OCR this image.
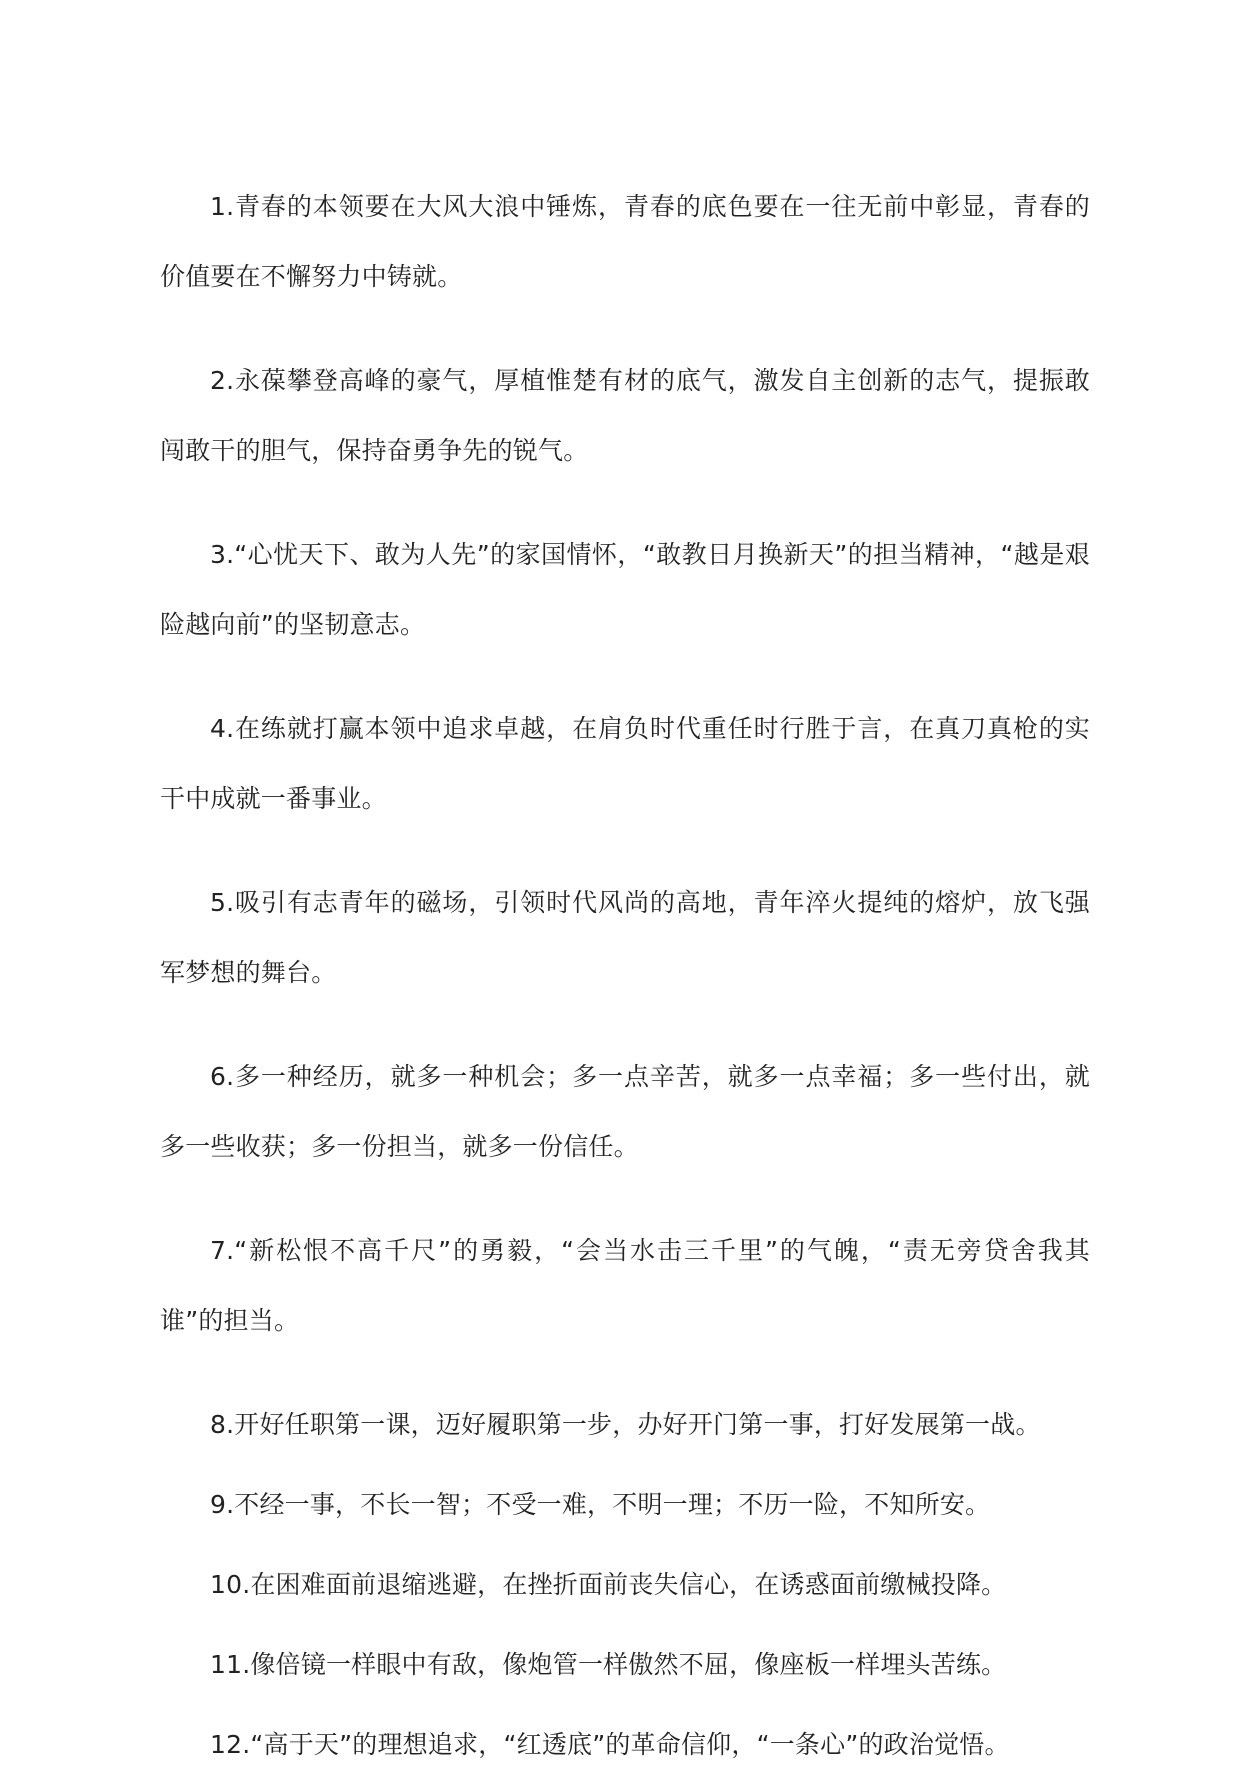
1.青春的本领要在大风大浪中锤炼，青春的底色要在一往无前中彰显，青春的价值要在不懈努力中铸就。

2.永葆攀登高峰的豪气，厚植惟楚有材的底气，激发自主创新的志气，提振敢闯敢干的胆气，保持奋勇争先的锐气。

3.“心忧天下、敢为人先”的家国情怀，“敢教日月换新天”的担当精神，“越是艰险越向前”的坚韧意志。

4.在练就打赢本领中追求卓越，在肩负时代重任时行胜于言，在真刀真枪的实干中成就一番事业。

5.吸引有志青年的磁场，引领时代风尚的高地，青年淬火提纯的熔炉，放飞强军梦想的舞台。

6.多一种经历，就多一种机会；多一点辛苦，就多一点幸福；多一些付出，就多一些收获；多一份担当，就多一份信任。

7.“新松恨不高千尺”的勇毅，“会当水击三千里”的气魄，“责无旁贷舍我其谁”的担当。

8.开好任职第一课，迈好履职第一步，办好开门第一事，打好发展第一战。

9.不经一事，不长一智；不受一难，不明一理；不历一险，不知所安。

10.在困难面前退缩逃避，在挫折面前丧失信心，在诱惑面前缴械投降。

11.像倍镜一样眼中有敌，像炮管一样傲然不屈，像座板一样埋头苦练。

12.“高于天”的理想追求，“红透底”的革命信仰，“一条心”的政治觉悟。
